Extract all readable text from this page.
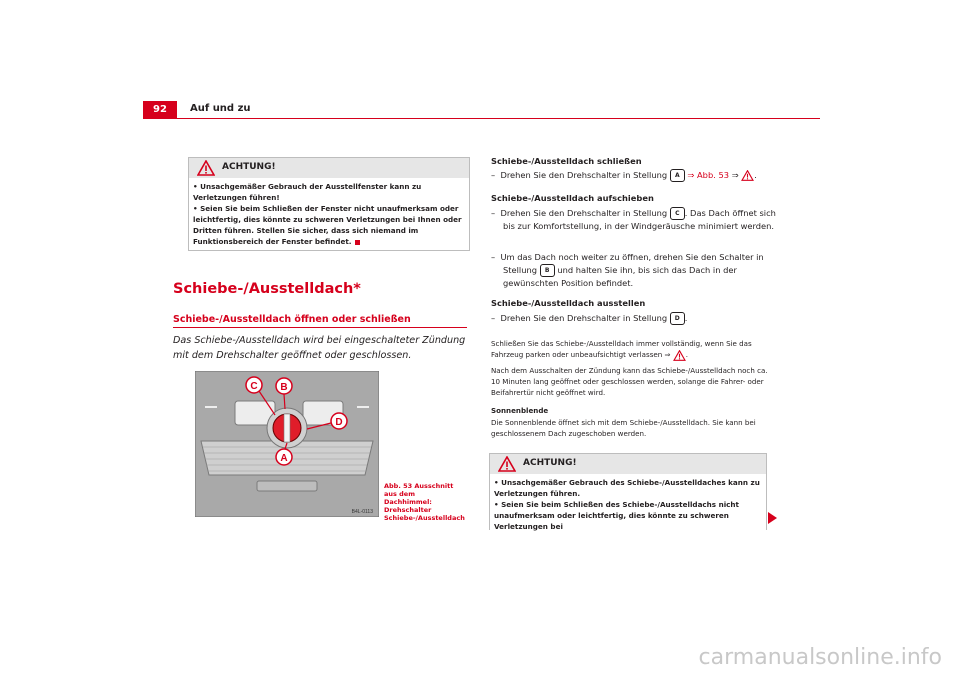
92	Auf und zu
ACHTUNG!
• Unsachgemäßer Gebrauch der Ausstellfenster kann zu Verletzungen führen!
• Seien Sie beim Schließen der Fenster nicht unaufmerksam oder leichtfertig, dies könnte zu schweren Verletzungen bei Ihnen oder Dritten führen. Stellen Sie sicher, dass sich niemand im Funktionsbereich der Fenster befindet.
Schiebe-/Ausstelldach*
Schiebe-/Ausstelldach öffnen oder schließen
Das Schiebe-/Ausstelldach wird bei eingeschalteter Zündung mit dem Drehschalter geöffnet oder geschlossen.
C B
D
A
B4L-0113
Abb. 53 Ausschnitt aus dem Dachhimmel: Drehschalter Schiebe-/Ausstelldach
Schiebe-/Ausstelldach schließen
–  Drehen Sie den Drehschalter in Stellung A ⇒ Abb. 53 ⇒ .
Schiebe-/Ausstelldach aufschieben
–  Drehen Sie den Drehschalter in Stellung C . Das Dach öffnet sich bis zur Komfortstellung, in der Windgeräusche minimiert werden.
–  Um das Dach noch weiter zu öffnen, drehen Sie den Schalter in Stellung B und halten Sie ihn, bis sich das Dach in der gewünschten Position befindet.
Schiebe-/Ausstelldach ausstellen
–  Drehen Sie den Drehschalter in Stellung D .
Schließen Sie das Schiebe-/Ausstelldach immer vollständig, wenn Sie das Fahrzeug parken oder unbeaufsichtigt verlassen ⇒ .
Nach dem Ausschalten der Zündung kann das Schiebe-/Ausstelldach noch ca. 10 Minuten lang geöffnet oder geschlossen werden, solange die Fahrer- oder Beifahrertür nicht geöffnet wird.
Sonnenblende
Die Sonnenblende öffnet sich mit dem Schiebe-/Ausstelldach. Sie kann bei geschlossenem Dach zugeschoben werden.
ACHTUNG!
• Unsachgemäßer Gebrauch des Schiebe-/Ausstelldaches kann zu Verletzungen führen.
• Seien Sie beim Schließen des Schiebe-/Ausstelldachs nicht unaufmerksam oder leichtfertig, dies könnte zu schweren Verletzungen bei
carmanualsonline.info
